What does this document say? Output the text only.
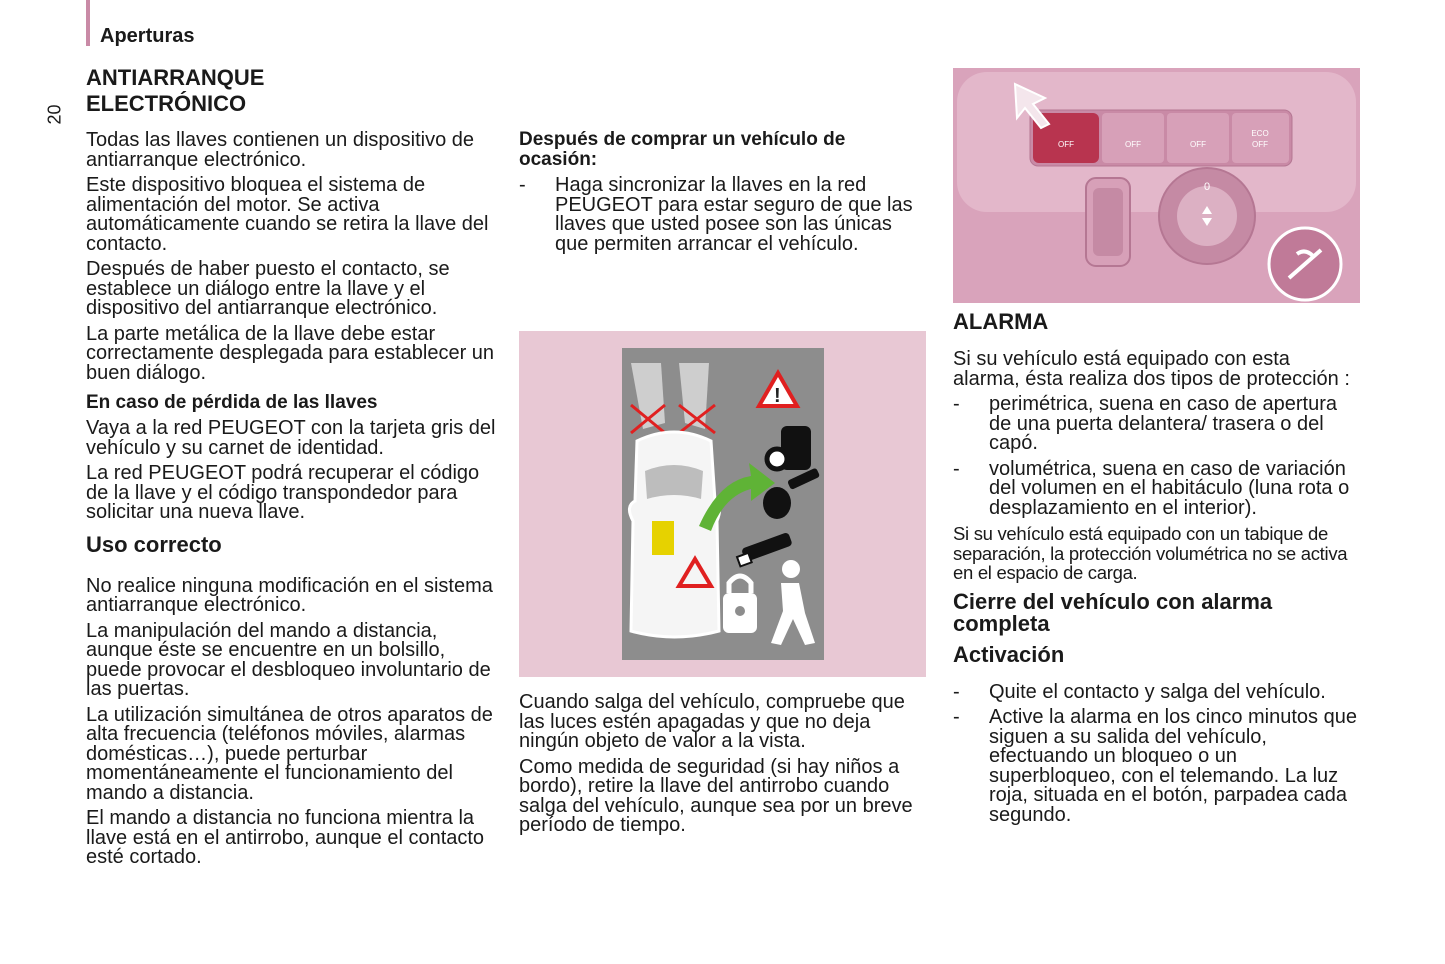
Aperturas
20
ANTIARRANQUE
ELECTRÓNICO

Todas las llaves contienen un dispositivo de antiarranque electrónico.

Este dispositivo bloquea el sistema de alimentación del motor. Se activa automáticamente cuando se retira la llave del contacto.

Después de haber puesto el contacto, se establece un diálogo entre la llave y el dispositivo del antiarranque electrónico.

La parte metálica de la llave debe estar correctamente desplegada para establecer un buen diálogo.

En caso de pérdida de las llaves

Vaya a la red PEUGEOT con la tarjeta gris del vehículo y su carnet de identidad.

La red PEUGEOT podrá recuperar el código de la llave y el código transpondedor para solicitar una nueva llave.

Uso correcto

No realice ninguna modificación en el sistema antiarranque electrónico.

La manipulación del mando a distancia, aunque éste se encuentre en un bolsillo, puede provocar el desbloqueo involuntario de las puertas.

La utilización simultánea de otros aparatos de alta frecuencia (teléfonos móviles, alarmas domésticas…), puede perturbar momentáneamente el funcionamiento del mando a distancia.

El mando a distancia no funciona mientra la llave está en el antirrobo, aunque el contacto esté cortado.

Después de comprar un vehículo de ocasión:
-	Haga sincronizar la llaves en la red PEUGEOT para estar seguro de que las llaves que usted posee son las únicas que permiten arrancar el vehículo.
!

Cuando salga del vehículo, compruebe que las luces estén apagadas y que no deja ningún objeto de valor a la vista.

Como medida de seguridad (si hay niños a bordo), retire la llave del antirrobo cuando salga del vehículo, aunque sea por un breve período de tiempo.

OFF	OFF	OFF
ECO
OFF
0
ALARMA

Si su vehículo está equipado con esta alarma, ésta realiza dos tipos de protección :

-	perimétrica, suena en caso de apertura de una puerta delantera/ trasera o del capó.
-	volumétrica, suena en caso de variación del volumen en el habitáculo (luna rota o desplazamiento en el interior).

Si su vehículo está equipado con un tabique de separación, la protección volumétrica no se activa en el espacio de carga.

Cierre del vehículo con alarma completa
Activación
-	Quite el contacto y salga del vehículo.
-	Active la alarma en los cinco minutos que siguen a su salida del vehículo, efectuando un bloqueo o un superbloqueo, con el telemando. La luz roja, situada en el botón, parpadea cada segundo.
